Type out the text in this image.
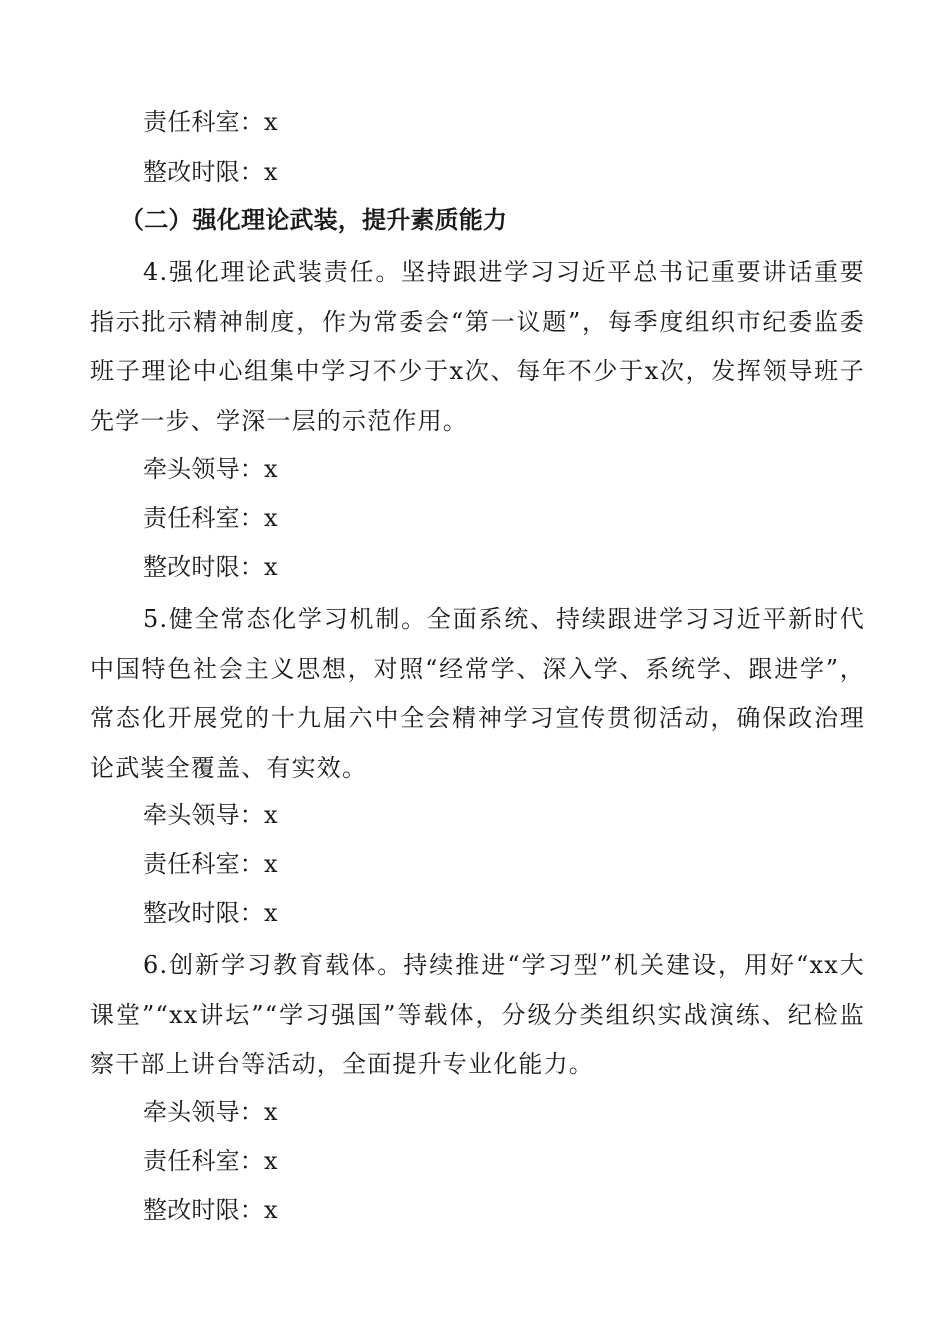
责任科室：x
整改时限：x
（二）强化理论武装，提升素质能力
4.强化理论武装责任。坚持跟进学习习近平总书记重要讲话重要指示批示精神制度，作为常委会“第一议题”，每季度组织市纪委监委班子理论中心组集中学习不少于x次、每年不少于x次，发挥领导班子先学一步、学深一层的示范作用。
牵头领导：x
责任科室：x
整改时限：x
5.健全常态化学习机制。全面系统、持续跟进学习习近平新时代中国特色社会主义思想，对照“经常学、深入学、系统学、跟进学”，常态化开展党的十九届六中全会精神学习宣传贯彻活动，确保政治理论武装全覆盖、有实效。
牵头领导：x
责任科室：x
整改时限：x
6.创新学习教育载体。持续推进“学习型”机关建设，用好“xx大课堂”“xx讲坛”“学习强国”等载体，分级分类组织实战演练、纪检监察干部上讲台等活动，全面提升专业化能力。
牵头领导：x
责任科室：x
整改时限：x
